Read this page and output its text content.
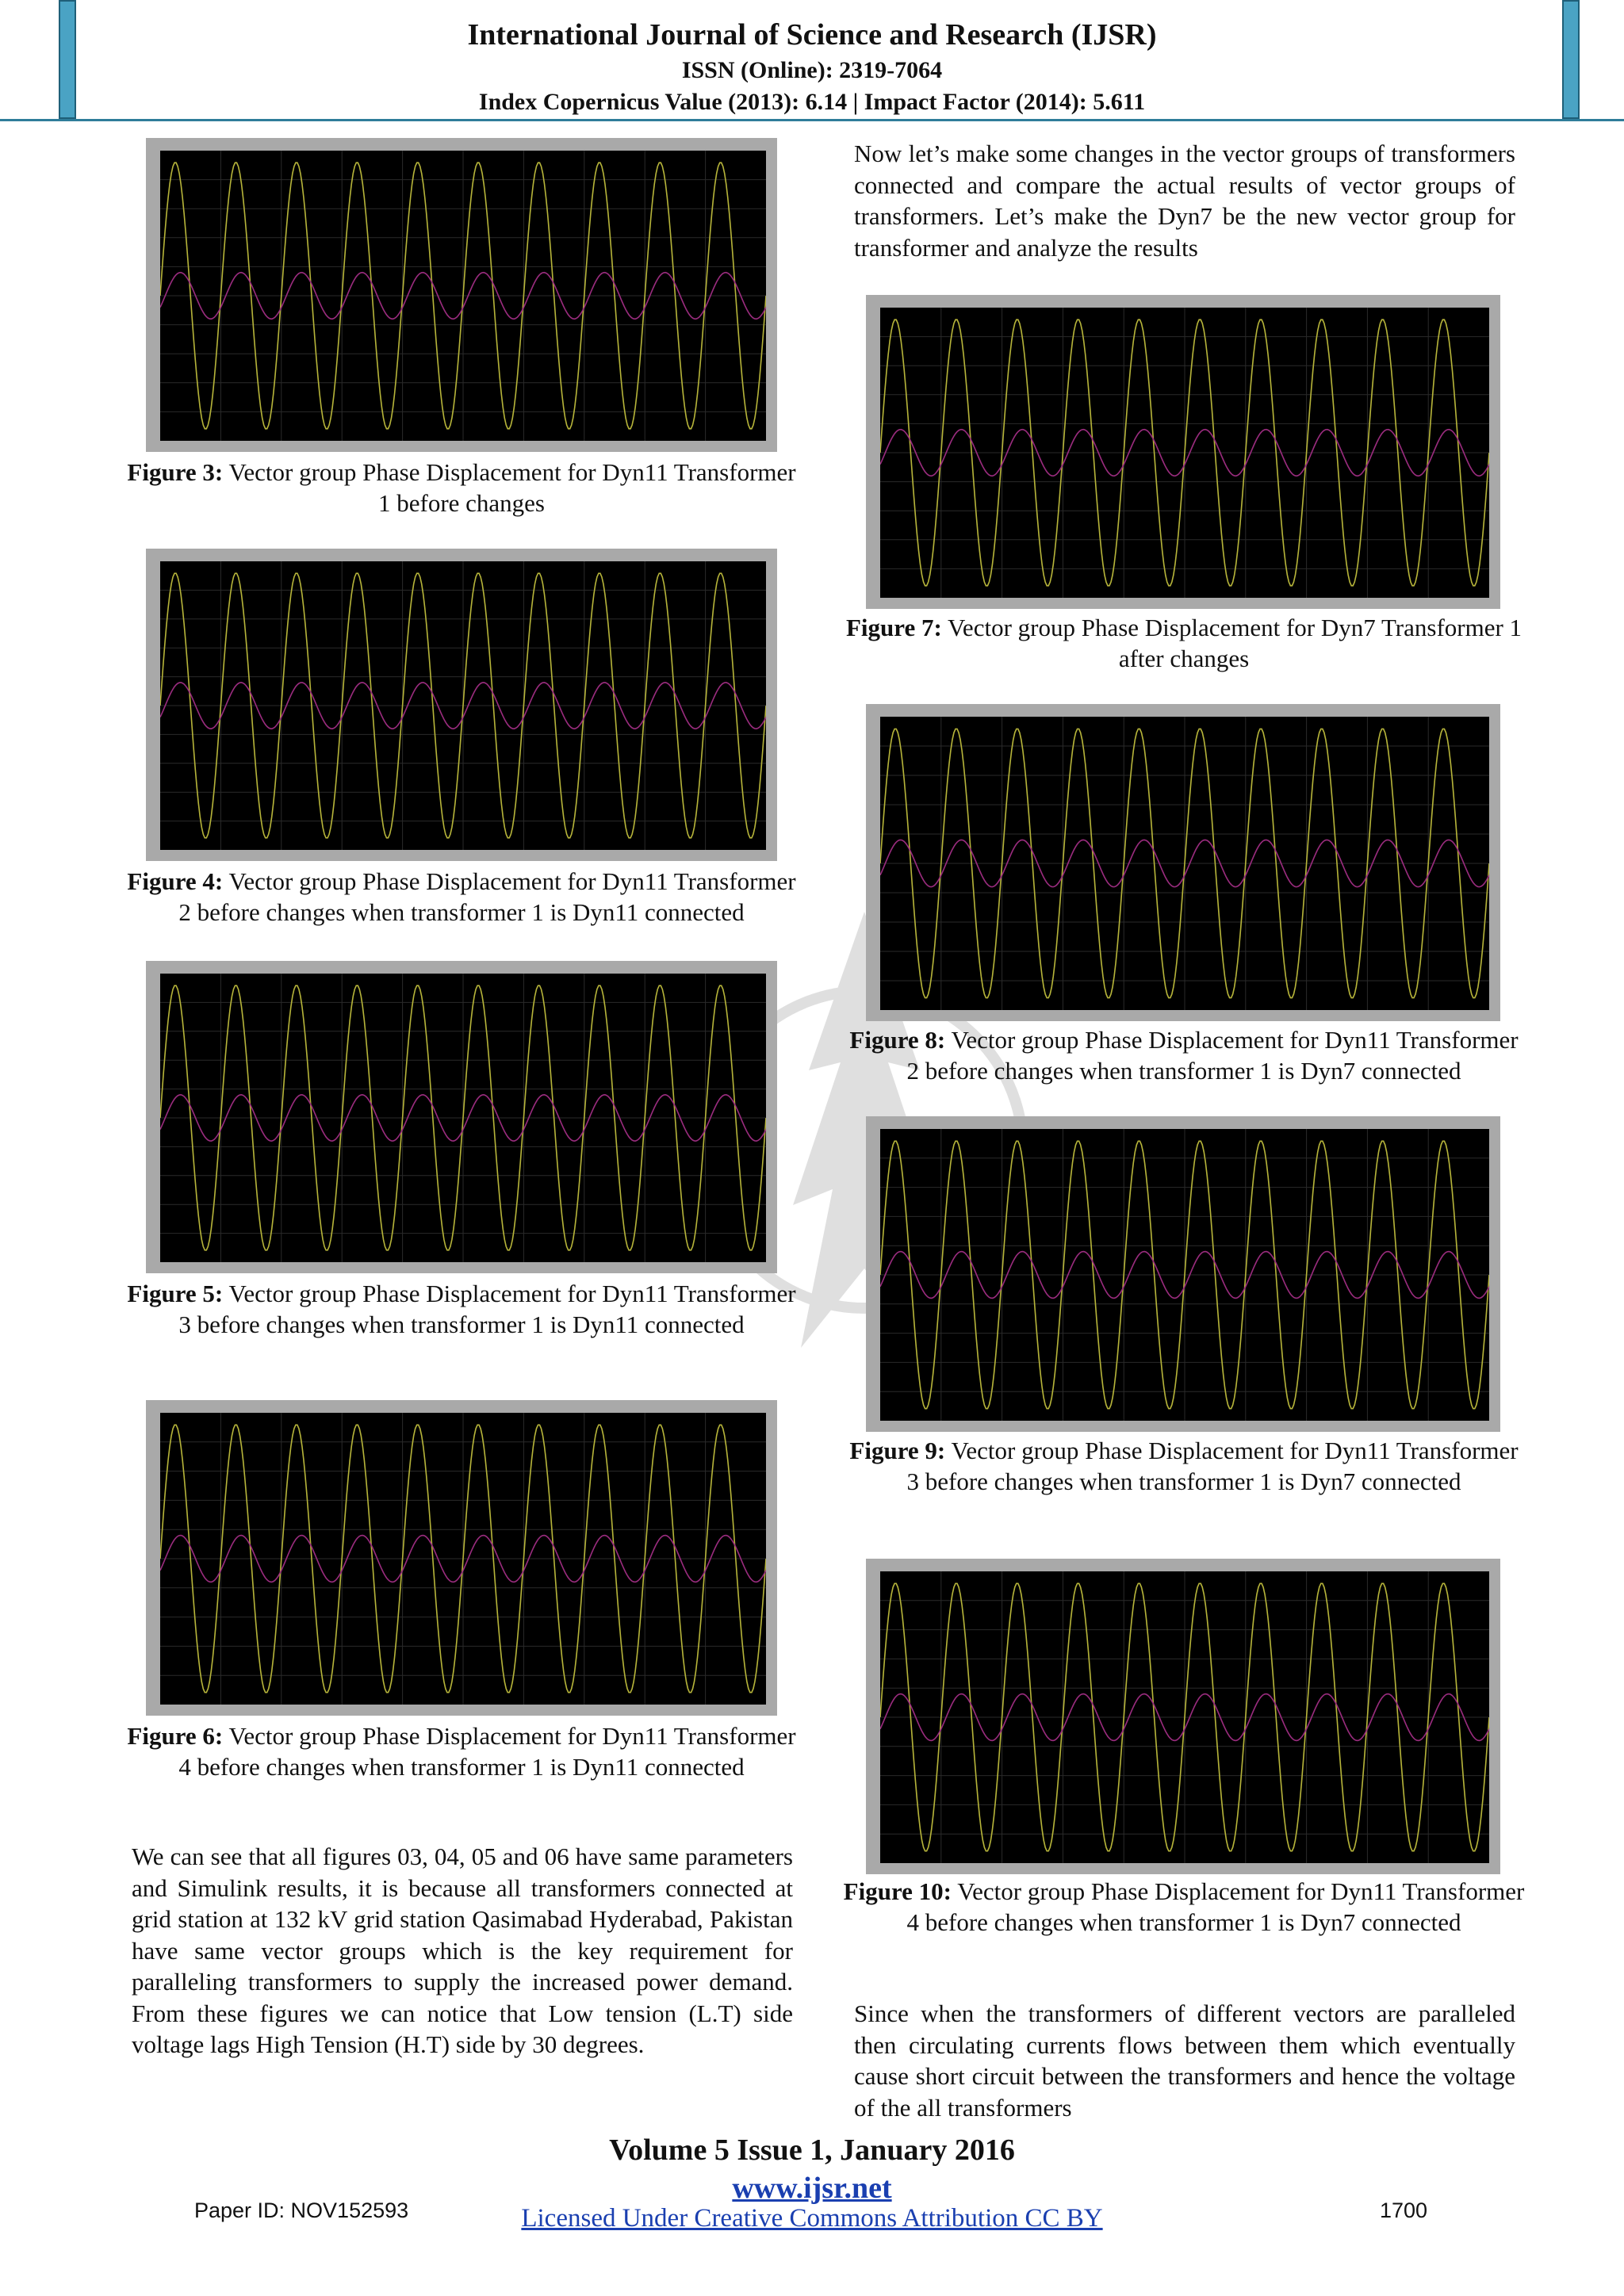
International Journal of Science and Research (IJSR)
ISSN (Online): 2319-7064
Index Copernicus Value (2013): 6.14 | Impact Factor (2014): 5.611
Figure 3: Vector group Phase Displacement for Dyn11 Transformer 1 before changes
Figure 4: Vector group Phase Displacement for Dyn11 Transformer 2 before changes when transformer 1 is Dyn11 connected
Figure 5: Vector group Phase Displacement for Dyn11 Transformer 3 before changes when transformer 1 is Dyn11 connected
Figure 6: Vector group Phase Displacement for Dyn11 Transformer 4 before changes when transformer 1 is Dyn11 connected
We can see that all figures 03, 04, 05 and 06 have same parameters and Simulink results, it is because all transformers connected at grid station at 132 kV grid station Qasimabad Hyderabad, Pakistan have same vector groups which is the key requirement for paralleling transformers to supply the increased power demand. From these figures we can notice that Low tension (L.T) side voltage lags High Tension (H.T) side by 30 degrees.
Now let’s make some changes in the vector groups of transformers connected and compare the actual results of vector groups of transformers. Let’s make the Dyn7 be the new vector group for transformer and analyze the results
Figure 7: Vector group Phase Displacement for Dyn7 Transformer 1 after changes
Figure 8: Vector group Phase Displacement for Dyn11 Transformer 2 before changes when transformer 1 is Dyn7 connected
Figure 9: Vector group Phase Displacement for Dyn11 Transformer 3 before changes when transformer 1 is Dyn7 connected
Figure 10: Vector group Phase Displacement for Dyn11 Transformer 4 before changes when transformer 1 is Dyn7 connected
Since when the transformers of different vectors are paralleled then circulating currents flows between them which eventually cause short circuit between the transformers and hence the voltage of the all transformers
Volume 5 Issue 1, January 2016
www.ijsr.net
Licensed Under Creative Commons Attribution CC BY
Paper ID: NOV152593	1700
